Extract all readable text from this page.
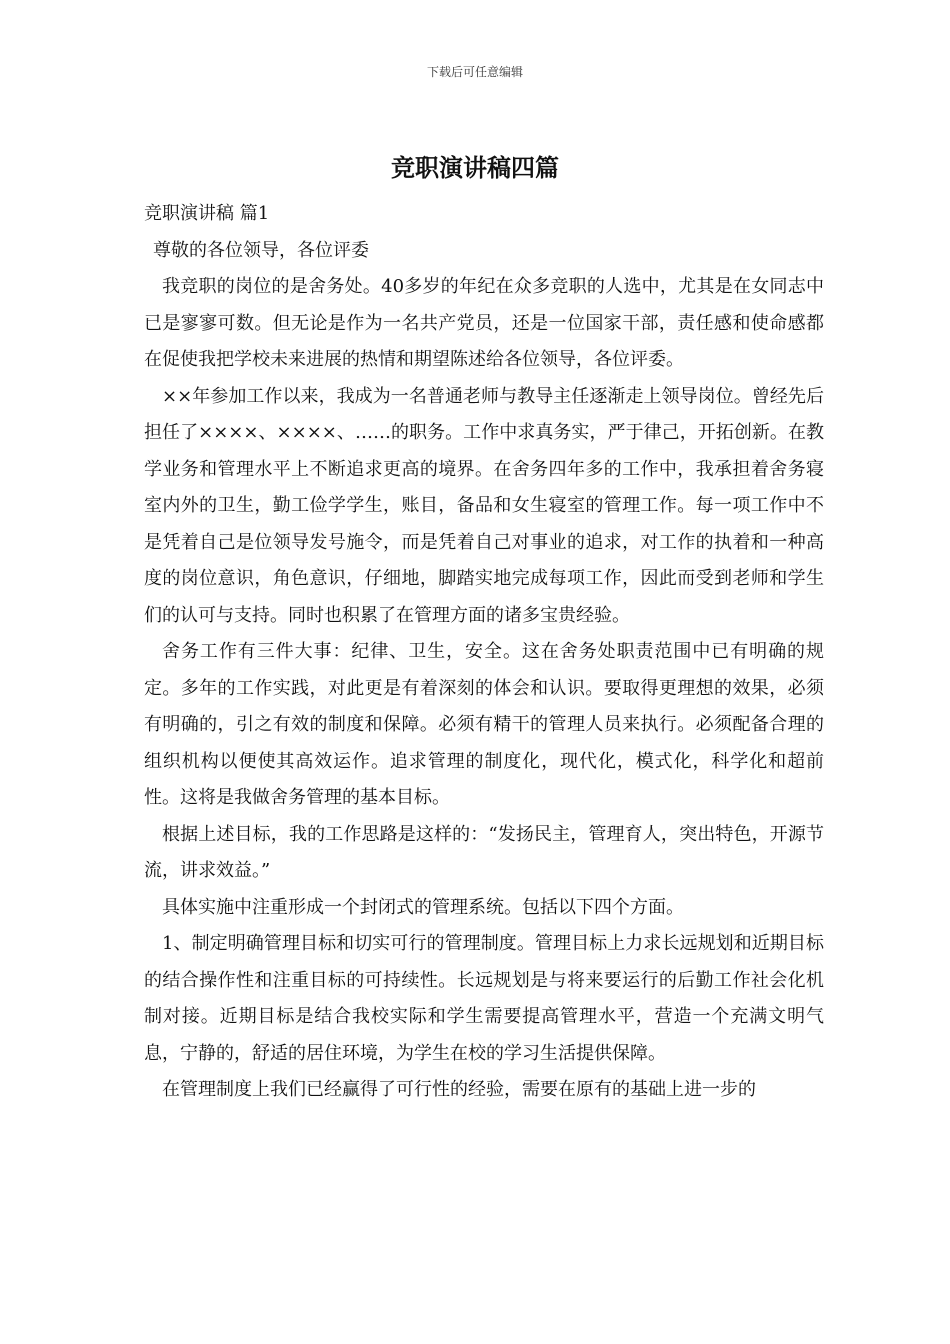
下载后可任意编辑
竞职演讲稿四篇

竞职演讲稿 篇1

尊敬的各位领导，各位评委

我竞职的岗位的是舍务处。40多岁的年纪在众多竞职的人选中，尤其是在女同志中已是寥寥可数。但无论是作为一名共产党员，还是一位国家干部，责任感和使命感都在促使我把学校未来进展的热情和期望陈述给各位领导，各位评委。

××年参加工作以来，我成为一名普通老师与教导主任逐渐走上领导岗位。曾经先后担任了××××、××××、……的职务。工作中求真务实，严于律己，开拓创新。在教学业务和管理水平上不断追求更高的境界。在舍务四年多的工作中，我承担着舍务寝室内外的卫生，勤工俭学学生，账目，备品和女生寝室的管理工作。每一项工作中不是凭着自己是位领导发号施令，而是凭着自己对事业的追求，对工作的执着和一种高度的岗位意识，角色意识，仔细地，脚踏实地完成每项工作，因此而受到老师和学生们的认可与支持。同时也积累了在管理方面的诸多宝贵经验。

舍务工作有三件大事：纪律、卫生，安全。这在舍务处职责范围中已有明确的规定。多年的工作实践，对此更是有着深刻的体会和认识。要取得更理想的效果，必须有明确的，引之有效的制度和保障。必须有精干的管理人员来执行。必须配备合理的组织机构以便使其高效运作。追求管理的制度化，现代化，模式化，科学化和超前性。这将是我做舍务管理的基本目标。

根据上述目标，我的工作思路是这样的：“发扬民主，管理育人，突出特色，开源节流，讲求效益。”

具体实施中注重形成一个封闭式的管理系统。包括以下四个方面。

1、制定明确管理目标和切实可行的管理制度。管理目标上力求长远规划和近期目标的结合操作性和注重目标的可持续性。长远规划是与将来要运行的后勤工作社会化机制对接。近期目标是结合我校实际和学生需要提高管理水平，营造一个充满文明气息，宁静的，舒适的居住环境，为学生在校的学习生活提供保障。

在管理制度上我们已经赢得了可行性的经验，需要在原有的基础上进一步的
